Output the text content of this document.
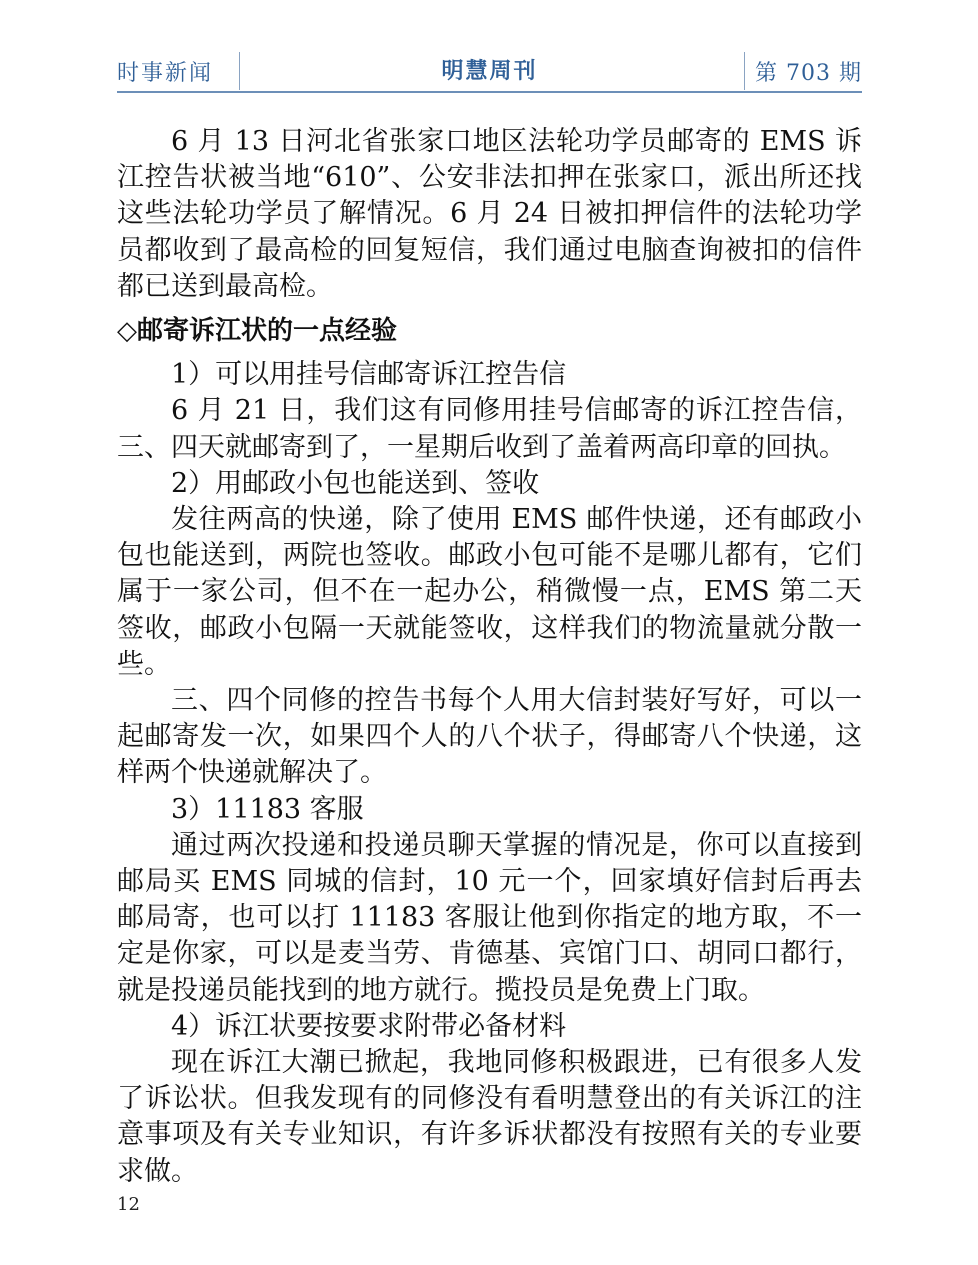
时事新闻	明慧周刊	第 703 期

6 月 13 日河北省张家口地区法轮功学员邮寄的 EMS 诉江控告状被当地“610”、公安非法扣押在张家口，派出所还找这些法轮功学员了解情况。6 月 24 日被扣押信件的法轮功学员都收到了最高检的回复短信，我们通过电脑查询被扣的信件都已送到最高检。

◇邮寄诉江状的一点经验

1）可以用挂号信邮寄诉江控告信

6 月 21 日，我们这有同修用挂号信邮寄的诉江控告信，三、四天就邮寄到了，一星期后收到了盖着两高印章的回执。

2）用邮政小包也能送到、签收

发往两高的快递，除了使用 EMS 邮件快递，还有邮政小包也能送到，两院也签收。邮政小包可能不是哪儿都有，它们属于一家公司，但不在一起办公，稍微慢一点，EMS 第二天签收，邮政小包隔一天就能签收，这样我们的物流量就分散一些。

三、四个同修的控告书每个人用大信封装好写好，可以一起邮寄发一次，如果四个人的八个状子，得邮寄八个快递，这样两个快递就解决了。

3）11183 客服

通过两次投递和投递员聊天掌握的情况是，你可以直接到邮局买 EMS 同城的信封，10 元一个，回家填好信封后再去邮局寄，也可以打 11183 客服让他到你指定的地方取，不一定是你家，可以是麦当劳、肯德基、宾馆门口、胡同口都行，就是投递员能找到的地方就行。揽投员是免费上门取。

4）诉江状要按要求附带必备材料

现在诉江大潮已掀起，我地同修积极跟进，已有很多人发了诉讼状。但我发现有的同修没有看明慧登出的有关诉江的注意事项及有关专业知识，有许多诉状都没有按照有关的专业要求做。

12
